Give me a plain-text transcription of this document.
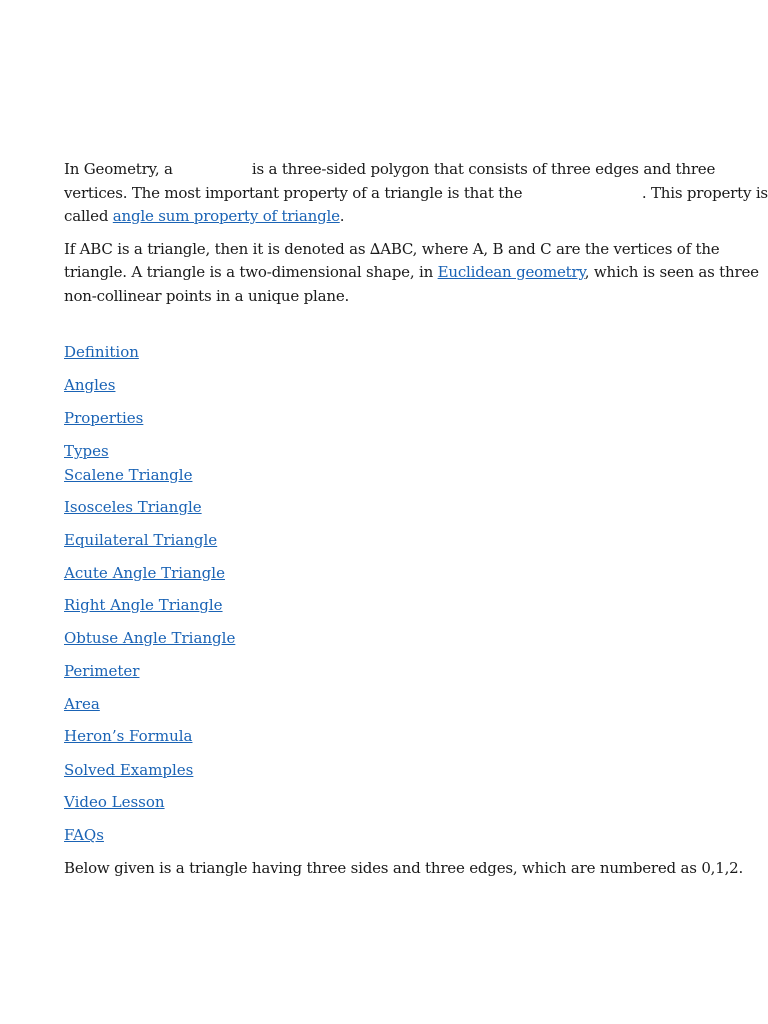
In Geometry, a	is a three-sided polygon that consists of three edges and three vertices. The most important property of a triangle is that the	. This property is called angle sum property of triangle.

If ABC is a triangle, then it is denoted as ∆ABC, where A, B and C are the vertices of the triangle. A triangle is a two-dimensional shape, in Euclidean geometry, which is seen as three non-collinear points in a unique plane.

Definition
Angles
Properties
Types
Scalene Triangle
Isosceles Triangle
Equilateral Triangle
Acute Angle Triangle
Right Angle Triangle
Obtuse Angle Triangle
Perimeter
Area
Heron’s Formula
Solved Examples
Video Lesson
FAQs

Below given is a triangle having three sides and three edges, which are numbered as 0,1,2.
